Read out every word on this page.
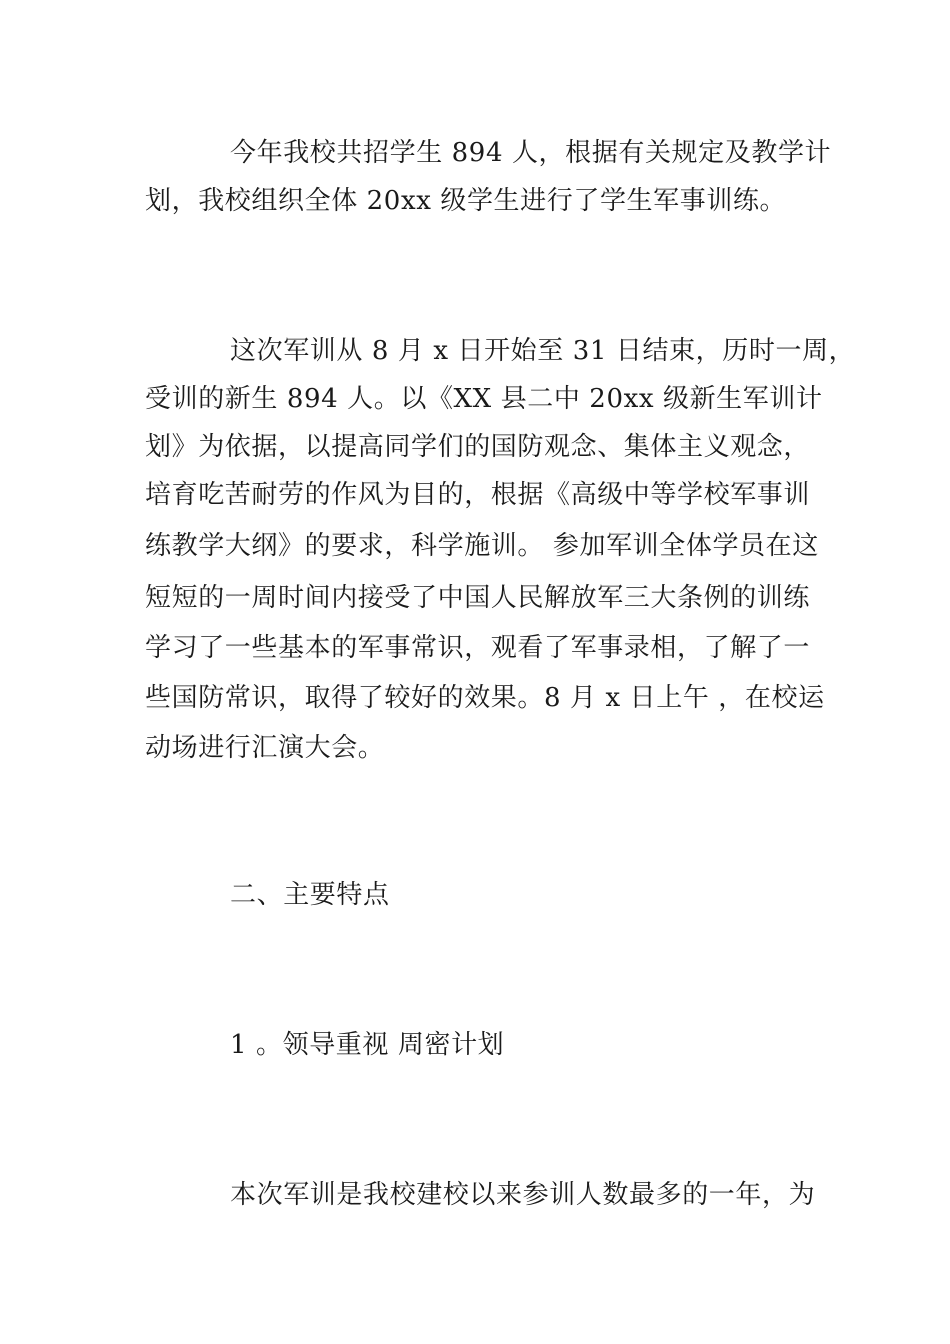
今年我校共招学生 894 人，根据有关规定及教学计
划，我校组织全体 20xx 级学生进行了学生军事训练。
这次军训从 8 月 x 日开始至 31 日结束，历时一周，
受训的新生 894 人。以《XX 县二中 20xx 级新生军训计
划》为依据，以提高同学们的国防观念、集体主义观念，
培育吃苦耐劳的作风为目的，根据《高级中等学校军事训
练教学大纲》的要求，科学施训。 参加军训全体学员在这
短短的一周时间内接受了中国人民解放军三大条例的训练
学习了一些基本的军事常识，观看了军事录相，了解了一
些国防常识，取得了较好的效果。8 月 x 日上午 ，在校运
动场进行汇演大会。
二、主要特点
1 。领导重视 周密计划
本次军训是我校建校以来参训人数最多的一年，为
